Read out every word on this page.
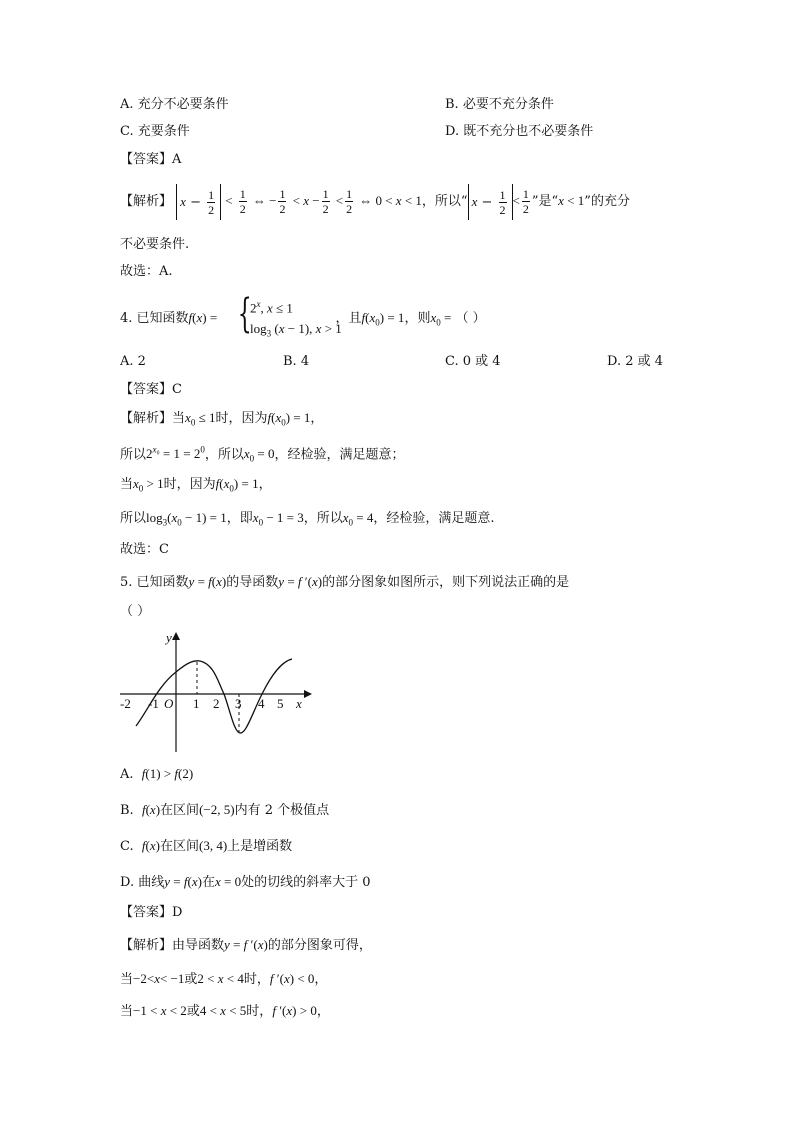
A. 充分不必要条件	B. 必要不充分条件
C. 充要条件	D. 既不充分也不必要条件
【答案】A
【解析】 $x - \frac{1}{2} < \frac{1}{2}$ ⇔ − $\frac{1}{2} < x - \frac{1}{2} < \frac{1}{2}$ ⇔ 0 < x < 1，所以“ $x - \frac{1}{2} < \frac{1}{2}$ ”是“x < 1”的充分
不必要条件.
故选：A.
4. 已知函数f(x) =	，且$f(x_0) = 1$，则$x_0$ = （ ）
{
2$^x$, x ≤ 1
$\log_3 (x - 1)$, x > 1
A. 2	B. 4	C. 0 或 4	D. 2 或 4
【答案】C
【解析】当$x_0 \le 1$时，因为$f(x_0) = 1$，
所以$2^{x_0} = 1 = 2^0$，所以$x_0 = 0$，经检验，满足题意；
当$x_0 > 1$时，因为$f(x_0) = 1$，
所以$\log_3(x_0 - 1) = 1$，即$x_0 - 1 = 3$，所以$x_0 = 4$，经检验，满足题意.
故选：C
5. 已知函数y = f(x)的导函数y = f ′(x)的部分图象如图所示，则下列说法正确的是
（ ）
y
x
O
-2 -1	1 2 3 4 5
A. f(1) > f(2)
B.  f(x)在区间(−2, 5)内有 2 个极值点
C.  f(x)在区间(3, 4)上是增函数
D. 曲线y = f(x)在x = 0处的切线的斜率大于 0
【答案】D
【解析】由导函数y = f ′(x)的部分图象可得，
当−2<x< −1或2 < x < 4时，f ′(x) < 0，
当−1 < x < 2或4 < x < 5时，f ′(x) > 0，
